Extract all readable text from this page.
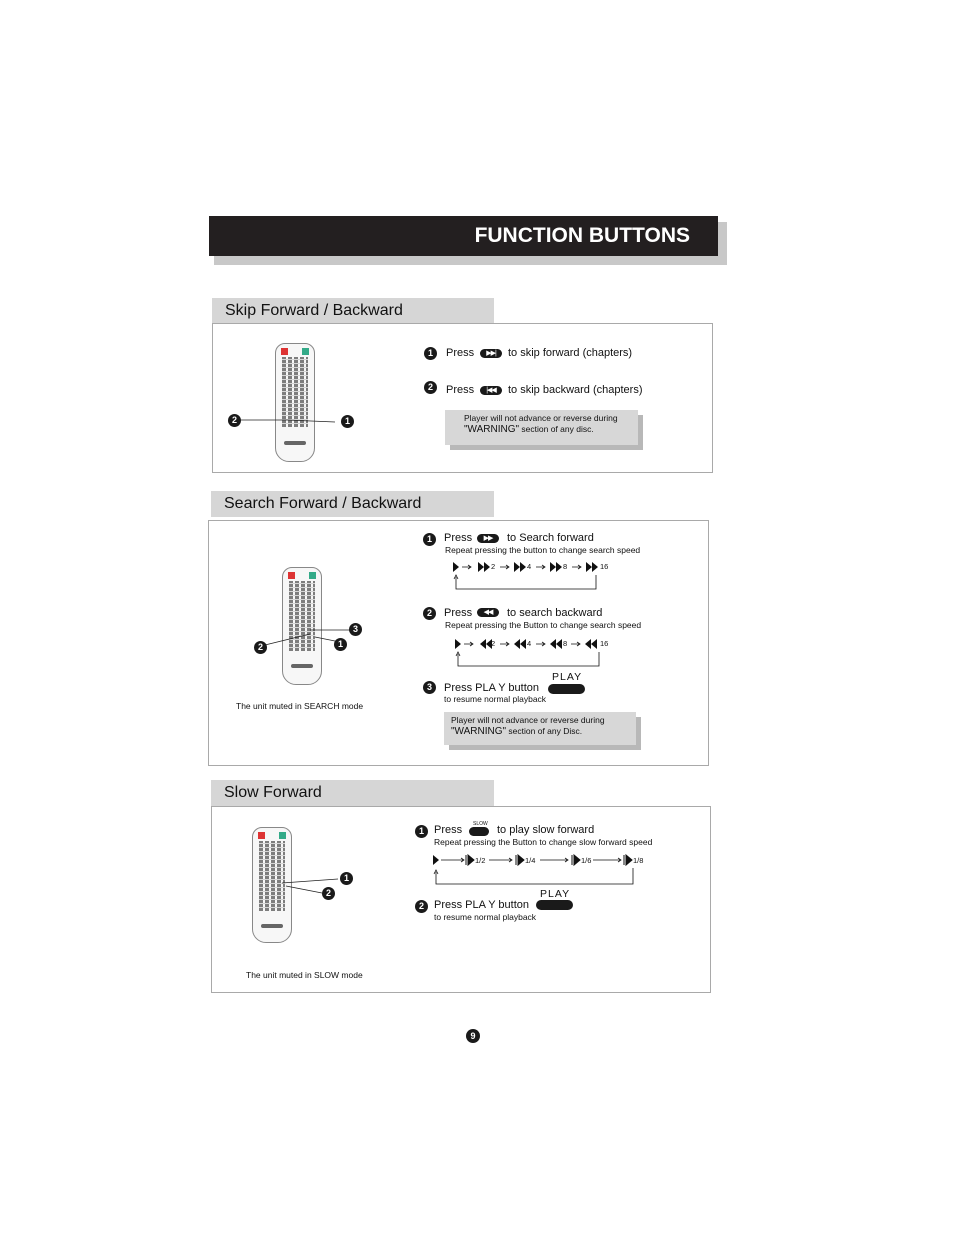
FUNCTION BUTTONS
Skip Forward / Backward
2	1
1	Press	▶▶|	to skip forward (chapters)
2	Press	|◀◀	to skip backward (chapters)
Player will not advance or reverse during
"WARNING" section of any disc.
Search Forward / Backward
3
2	1
The unit muted in SEARCH mode
1	Press	▶▶	to Search forward
Repeat pressing the button to change search speed
2	4	8	16
2	Press	◀◀	to search backward
Repeat pressing the Button to change search speed
2	4	8	16
PLAY
3	Press PLA Y button
to resume normal playback
Player will not advance or reverse during
"WARNING" section of any Disc.
Slow Forward
1
2
The unit muted in SLOW mode
1 Press SLOW to play slow forward
Repeat pressing the Button to change slow forward speed
1/2	1/4	1/6	1/8
PLAY
2 Press PLA Y button
to resume normal playback
9
